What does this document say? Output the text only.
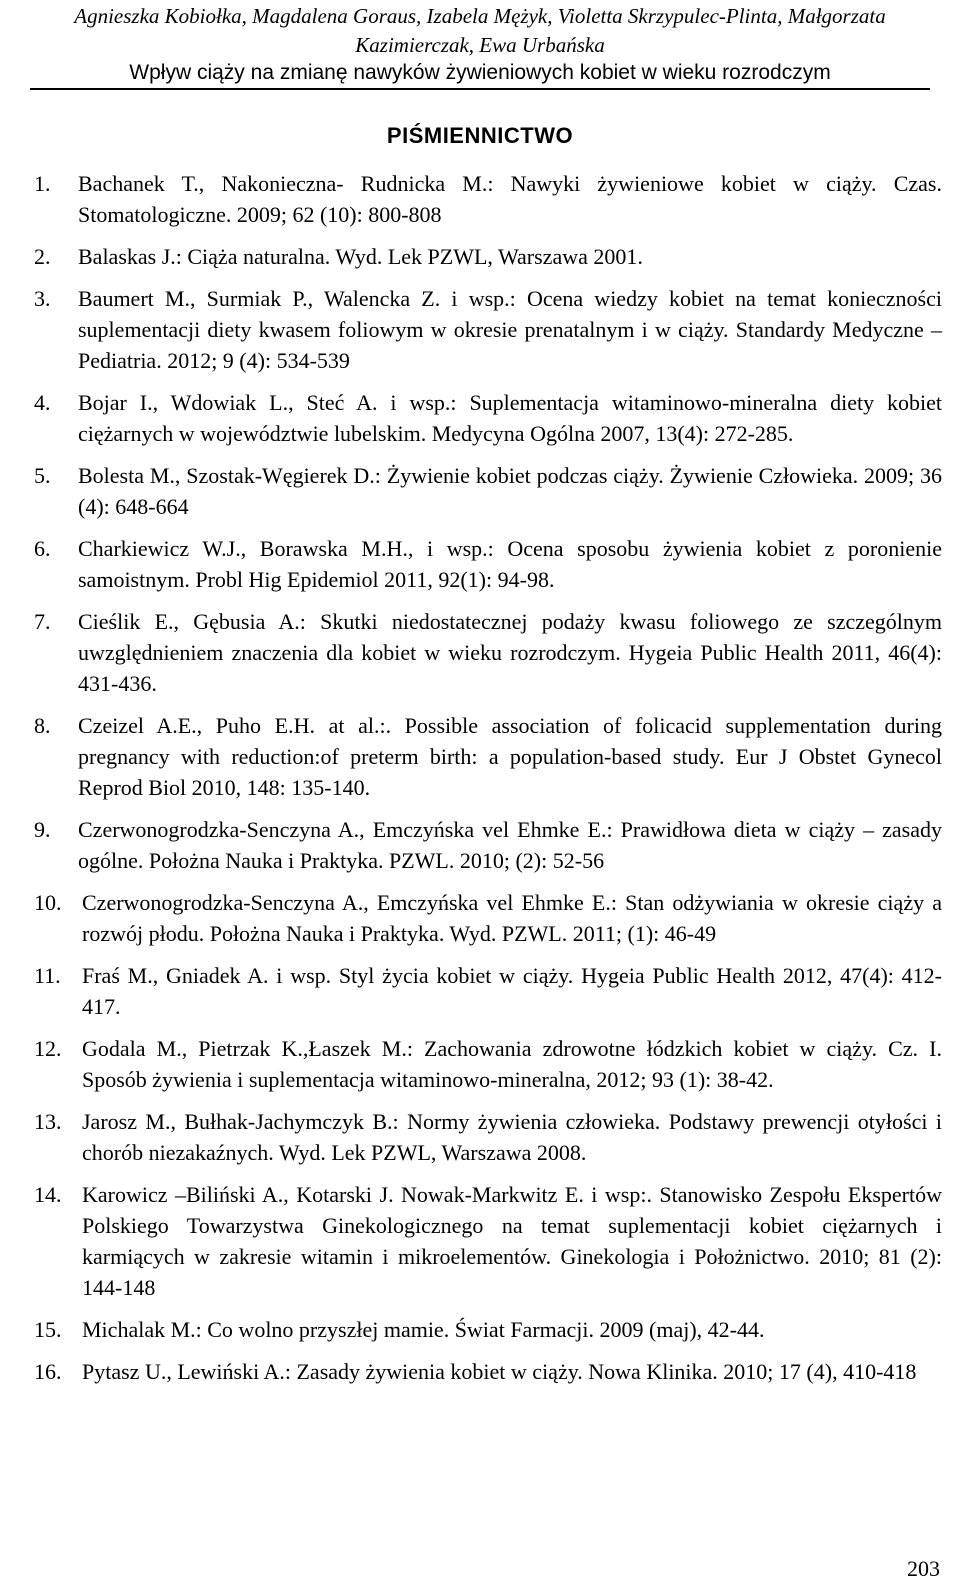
Agnieszka Kobiołka, Magdalena Goraus, Izabela Mężyk, Violetta Skrzypulec-Plinta, Małgorzata Kazimierczak, Ewa Urbańska
Wpływ ciąży na zmianę nawyków żywieniowych kobiet w wieku rozrodczym
PIŚMIENNICTWO
1.	Bachanek T., Nakonieczna- Rudnicka M.: Nawyki żywieniowe kobiet w ciąży. Czas. Stomatologiczne. 2009; 62 (10): 800-808
2.	Balaskas J.: Ciąża naturalna. Wyd. Lek PZWL, Warszawa 2001.
3.	Baumert M., Surmiak P., Walencka Z. i wsp.: Ocena wiedzy kobiet na temat konieczności suplementacji diety kwasem foliowym w okresie prenatalnym i w ciąży. Standardy Medyczne – Pediatria. 2012; 9 (4): 534-539
4.	Bojar I., Wdowiak L., Steć A. i wsp.: Suplementacja witaminowo-mineralna diety kobiet ciężarnych w województwie lubelskim. Medycyna Ogólna 2007, 13(4): 272-285.
5.	Bolesta M., Szostak-Węgierek D.: Żywienie kobiet podczas ciąży. Żywienie Człowieka. 2009; 36 (4): 648-664
6.	Charkiewicz W.J., Borawska M.H., i wsp.: Ocena sposobu żywienia kobiet z poronienie samoistnym. Probl Hig Epidemiol 2011, 92(1): 94-98.
7.	Cieślik E., Gębusia A.: Skutki niedostatecznej podaży kwasu foliowego ze szczególnym uwzględnieniem znaczenia dla kobiet w wieku rozrodczym. Hygeia Public Health 2011, 46(4): 431-436.
8.	Czeizel A.E., Puho E.H. at al.:. Possible association of folicacid supplementation during pregnancy with reduction:of preterm birth: a population-based study. Eur J Obstet Gynecol Reprod Biol 2010, 148: 135-140.
9.	Czerwonogrodzka-Senczyna A., Emczyńska vel Ehmke E.: Prawidłowa dieta w ciąży – zasady ogólne. Położna Nauka i Praktyka. PZWL. 2010; (2): 52-56
10. Czerwonogrodzka-Senczyna A., Emczyńska vel Ehmke E.: Stan odżywiania w okresie ciąży a rozwój płodu. Położna Nauka i Praktyka. Wyd. PZWL. 2011; (1): 46-49
11. Fraś M., Gniadek A. i wsp. Styl życia kobiet w ciąży. Hygeia Public Health 2012, 47(4): 412-417.
12. Godala M., Pietrzak K.,Łaszek M.: Zachowania zdrowotne łódzkich kobiet w ciąży. Cz. I. Sposób żywienia i suplementacja witaminowo-mineralna, 2012; 93 (1): 38-42.
13. Jarosz M., Bułhak-Jachymczyk B.: Normy żywienia człowieka. Podstawy prewencji otyłości i chorób niezakaźnych. Wyd. Lek PZWL, Warszawa 2008.
14. Karowicz –Biliński A., Kotarski J. Nowak-Markwitz E. i wsp:. Stanowisko Zespołu Ekspertów Polskiego Towarzystwa Ginekologicznego na temat suplementacji kobiet ciężarnych i karmiących w zakresie witamin i mikroelementów. Ginekologia i Położnictwo. 2010; 81 (2): 144-148
15. Michalak M.: Co wolno przyszłej mamie. Świat Farmacji. 2009 (maj), 42-44.
16. Pytasz U., Lewiński A.: Zasady żywienia kobiet w ciąży. Nowa Klinika. 2010; 17 (4), 410-418
203
